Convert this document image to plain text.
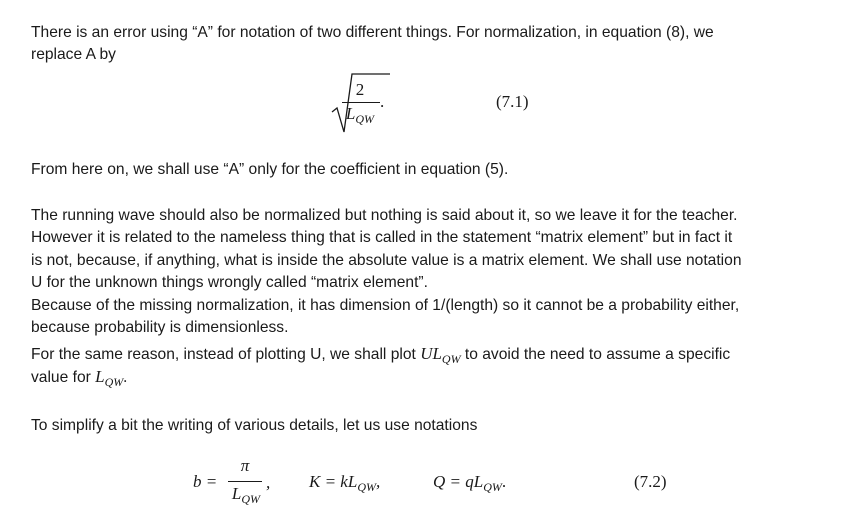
There is an error using “A” for notation of two different things. For normalization, in equation (8), we
replace A by

2
$L_{QW}$
.	(7.1)

From here on, we shall use “A” only for the coefficient in equation (5).

The running wave should also be normalized but nothing is said about it, so we leave it for the teacher.
However it is related to the nameless thing that is called in the statement “matrix element” but in fact it
is not, because, if anything, what is inside the absolute value is a matrix element. We shall use notation
U for the unknown things wrongly called “matrix element”.

Because of the missing normalization, it has dimension of 1/(length) so it cannot be a probability either,
because probability is dimensionless.

For the same reason, instead of plotting U, we shall plot $UL_{QW}$ to avoid the need to assume a specific
value for $L_{QW}$.

To simplify a bit the writing of various details, let us use notations

b =
π
$L_{QW}$
, $K = kL_{QW}$,	$Q = qL_{QW}$.	(7.2)
